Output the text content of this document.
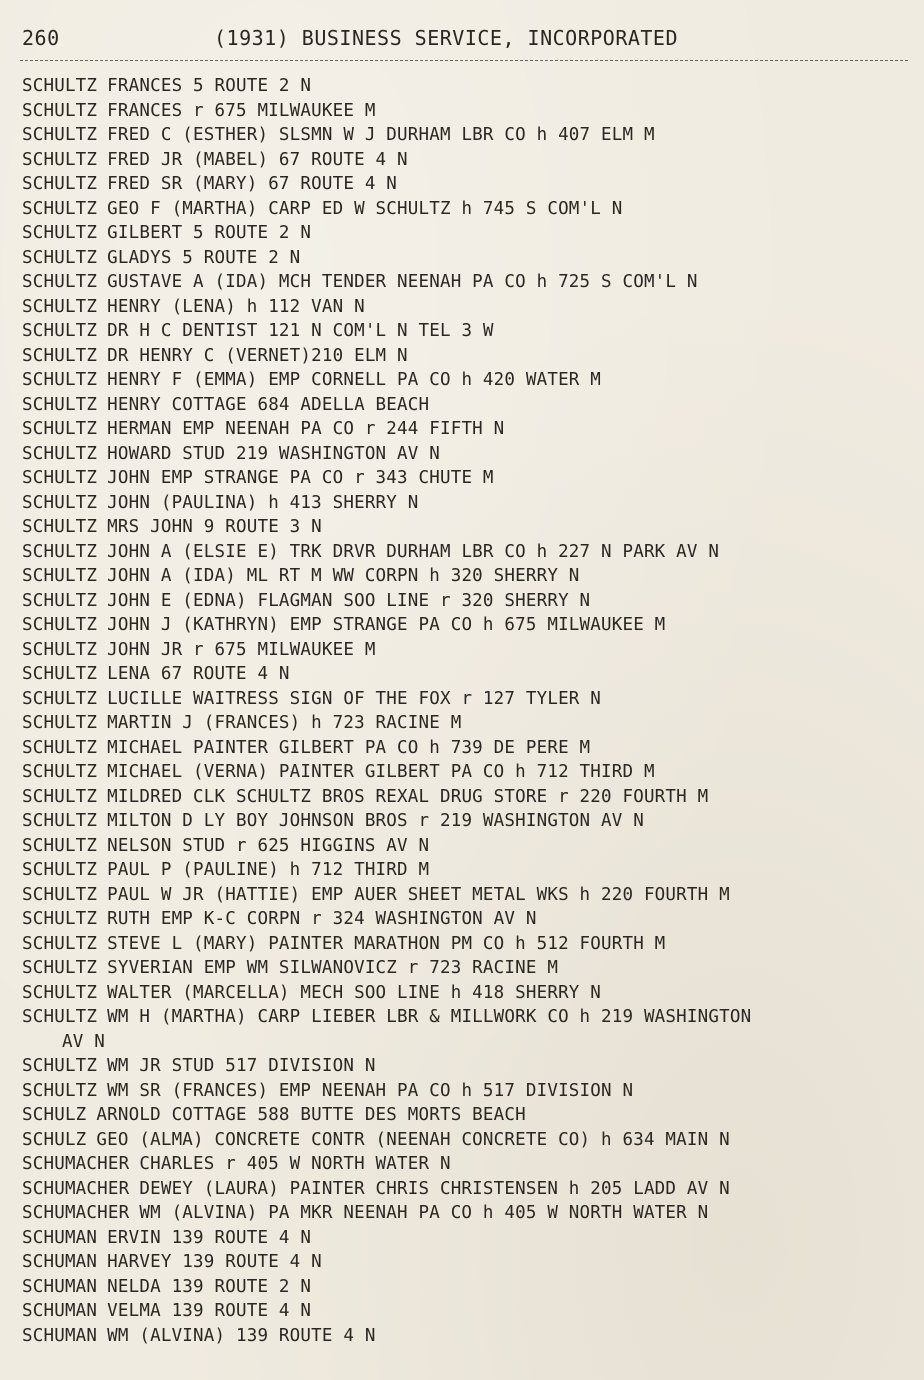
260	(1931) BUSINESS SERVICE, INCORPORATED
SCHULTZ FRANCES 5 ROUTE 2 N
SCHULTZ FRANCES r 675 MILWAUKEE M
SCHULTZ FRED C (ESTHER) SLSMN W J DURHAM LBR CO h 407 ELM M
SCHULTZ FRED JR (MABEL) 67 ROUTE 4 N
SCHULTZ FRED SR (MARY) 67 ROUTE 4 N
SCHULTZ GEO F (MARTHA) CARP ED W SCHULTZ h 745 S COM'L N
SCHULTZ GILBERT 5 ROUTE 2 N
SCHULTZ GLADYS 5 ROUTE 2 N
SCHULTZ GUSTAVE A (IDA) MCH TENDER NEENAH PA CO h 725 S COM'L N
SCHULTZ HENRY (LENA) h 112 VAN N
SCHULTZ DR H C DENTIST 121 N COM'L N TEL 3 W
SCHULTZ DR HENRY C (VERNET)210 ELM N
SCHULTZ HENRY F (EMMA) EMP CORNELL PA CO h 420 WATER M
SCHULTZ HENRY COTTAGE 684 ADELLA BEACH
SCHULTZ HERMAN EMP NEENAH PA CO r 244 FIFTH N
SCHULTZ HOWARD STUD 219 WASHINGTON AV N
SCHULTZ JOHN EMP STRANGE PA CO r 343 CHUTE M
SCHULTZ JOHN (PAULINA) h 413 SHERRY N
SCHULTZ MRS JOHN 9 ROUTE 3 N
SCHULTZ JOHN A (ELSIE E) TRK DRVR DURHAM LBR CO h 227 N PARK AV N
SCHULTZ JOHN A (IDA) ML RT M WW CORPN h 320 SHERRY N
SCHULTZ JOHN E (EDNA) FLAGMAN SOO LINE r 320 SHERRY N
SCHULTZ JOHN J (KATHRYN) EMP STRANGE PA CO h 675 MILWAUKEE M
SCHULTZ JOHN JR r 675 MILWAUKEE M
SCHULTZ LENA 67 ROUTE 4 N
SCHULTZ LUCILLE WAITRESS SIGN OF THE FOX r 127 TYLER N
SCHULTZ MARTIN J (FRANCES) h 723 RACINE M
SCHULTZ MICHAEL PAINTER GILBERT PA CO h 739 DE PERE M
SCHULTZ MICHAEL (VERNA) PAINTER GILBERT PA CO h 712 THIRD M
SCHULTZ MILDRED CLK SCHULTZ BROS REXAL DRUG STORE r 220 FOURTH M
SCHULTZ MILTON D LY BOY JOHNSON BROS r 219 WASHINGTON AV N
SCHULTZ NELSON STUD r 625 HIGGINS AV N
SCHULTZ PAUL P (PAULINE) h 712 THIRD M
SCHULTZ PAUL W JR (HATTIE) EMP AUER SHEET METAL WKS h 220 FOURTH M
SCHULTZ RUTH EMP K-C CORPN r 324 WASHINGTON AV N
SCHULTZ STEVE L (MARY) PAINTER MARATHON PM CO h 512 FOURTH M
SCHULTZ SYVERIAN EMP WM SILWANOVICZ r 723 RACINE M
SCHULTZ WALTER (MARCELLA) MECH SOO LINE h 418 SHERRY N
SCHULTZ WM H (MARTHA) CARP LIEBER LBR & MILLWORK CO h 219 WASHINGTON
AV N
SCHULTZ WM JR STUD 517 DIVISION N
SCHULTZ WM SR (FRANCES) EMP NEENAH PA CO h 517 DIVISION N
SCHULZ ARNOLD COTTAGE 588 BUTTE DES MORTS BEACH
SCHULZ GEO (ALMA) CONCRETE CONTR (NEENAH CONCRETE CO) h 634 MAIN N
SCHUMACHER CHARLES r 405 W NORTH WATER N
SCHUMACHER DEWEY (LAURA) PAINTER CHRIS CHRISTENSEN h 205 LADD AV N
SCHUMACHER WM (ALVINA) PA MKR NEENAH PA CO h 405 W NORTH WATER N
SCHUMAN ERVIN 139 ROUTE 4 N
SCHUMAN HARVEY 139 ROUTE 4 N
SCHUMAN NELDA 139 ROUTE 2 N
SCHUMAN VELMA 139 ROUTE 4 N
SCHUMAN WM (ALVINA) 139 ROUTE 4 N
